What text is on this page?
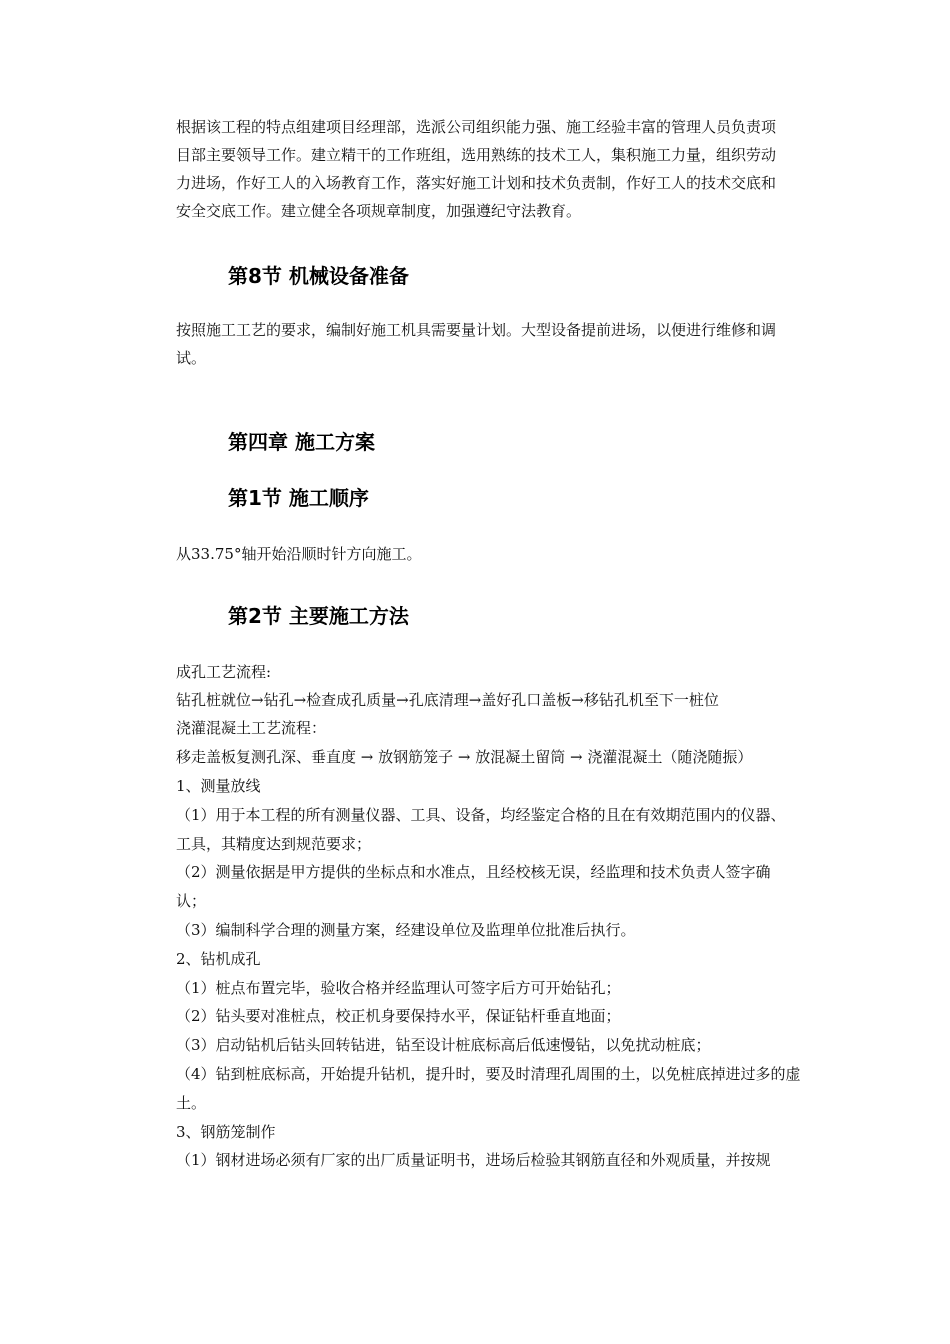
根据该工程的特点组建项目经理部，选派公司组织能力强、施工经验丰富的管理人员负责项
目部主要领导工作。建立精干的工作班组，选用熟练的技术工人，集积施工力量，组织劳动
力进场，作好工人的入场教育工作，落实好施工计划和技术负责制，作好工人的技术交底和
安全交底工作。建立健全各项规章制度，加强遵纪守法教育。
第8节 机械设备准备
按照施工工艺的要求，编制好施工机具需要量计划。大型设备提前进场，以便进行维修和调
试。
第四章 施工方案
第1节 施工顺序

从33.75°轴开始沿顺时针方向施工。

第2节 主要施工方法

成孔工艺流程:

钻孔桩就位→钻孔→检查成孔质量→孔底清理→盖好孔口盖板→移钻孔机至下一桩位

浇灌混凝土工艺流程：

移走盖板复测孔深、垂直度 → 放钢筋笼子 → 放混凝土留筒 → 浇灌混凝土（随浇随振）

1、测量放线

（1）用于本工程的所有测量仪器、工具、设备，均经鉴定合格的且在有效期范围内的仪器、

工具，其精度达到规范要求；

（2）测量依据是甲方提供的坐标点和水准点，且经校核无误，经监理和技术负责人签字确

认；

（3）编制科学合理的测量方案，经建设单位及监理单位批准后执行。

2、钻机成孔

（1）桩点布置完毕，验收合格并经监理认可签字后方可开始钻孔；

（2）钻头要对准桩点，校正机身要保持水平，保证钻杆垂直地面；

（3）启动钻机后钻头回转钻进，钻至设计桩底标高后低速慢钻，以免扰动桩底；

（4）钻到桩底标高，开始提升钻机，提升时，要及时清理孔周围的土，以免桩底掉进过多的虚

土。

3、钢筋笼制作

（1）钢材进场必须有厂家的出厂质量证明书，进场后检验其钢筋直径和外观质量，并按规
